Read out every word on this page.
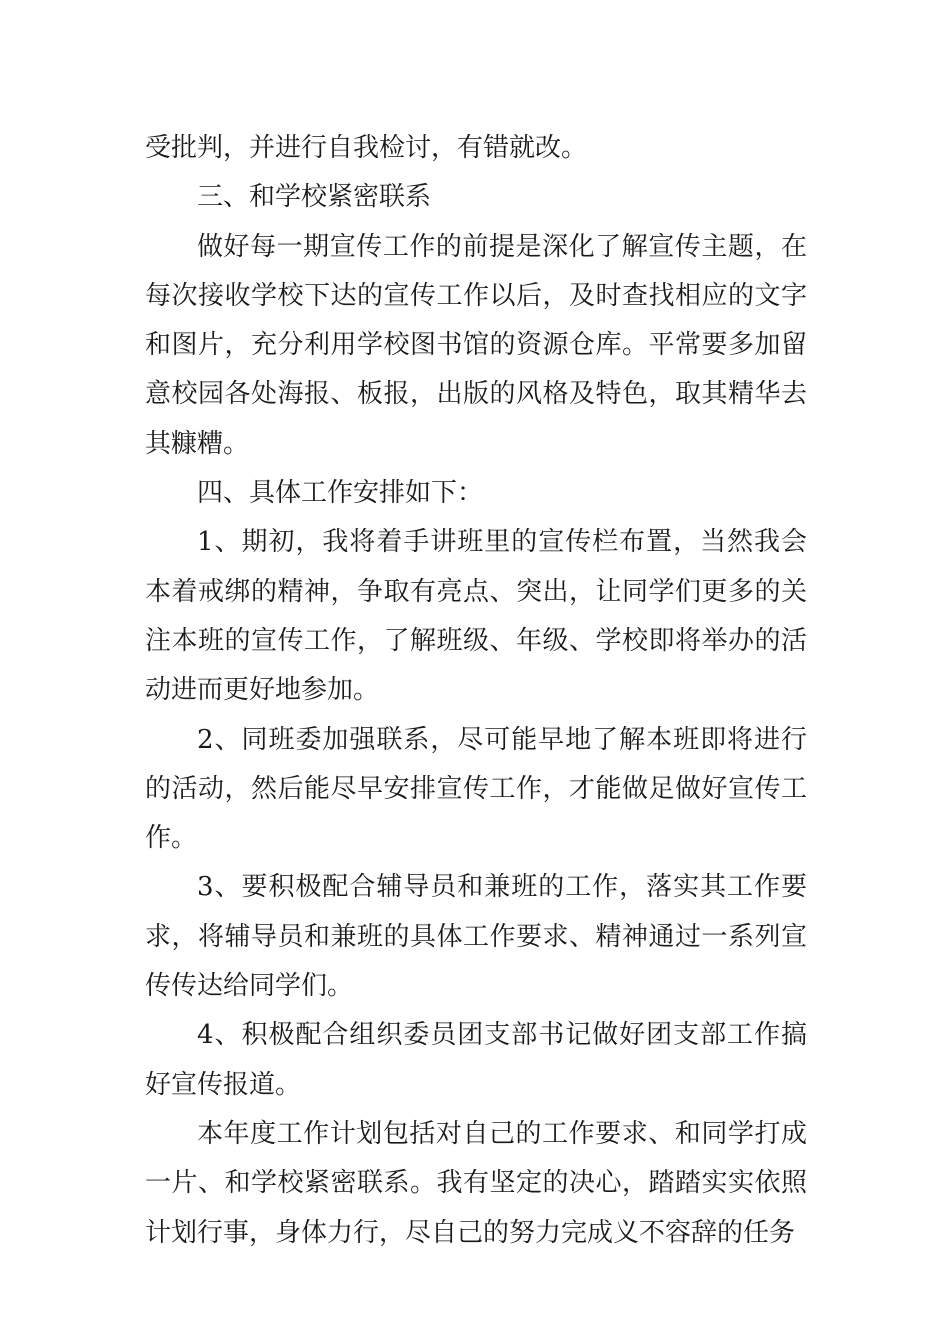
受批判，并进行自我检讨，有错就改。

三、和学校紧密联系

做好每一期宣传工作的前提是深化了解宣传主题，在每次接收学校下达的宣传工作以后，及时查找相应的文字和图片，充分利用学校图书馆的资源仓库。平常要多加留意校园各处海报、板报，出版的风格及特色，取其精华去其糠糟。

四、具体工作安排如下：

1、期初，我将着手讲班里的宣传栏布置，当然我会本着戒绑的精神，争取有亮点、突出，让同学们更多的关注本班的宣传工作，了解班级、年级、学校即将举办的活动进而更好地参加。

2、同班委加强联系，尽可能早地了解本班即将进行的活动，然后能尽早安排宣传工作，才能做足做好宣传工作。

3、要积极配合辅导员和兼班的工作，落实其工作要求，将辅导员和兼班的具体工作要求、精神通过一系列宣传传达给同学们。

4、积极配合组织委员团支部书记做好团支部工作搞好宣传报道。

本年度工作计划包括对自己的工作要求、和同学打成一片、和学校紧密联系。我有坚定的决心，踏踏实实依照计划行事，身体力行，尽自己的努力完成义不容辞的任务
